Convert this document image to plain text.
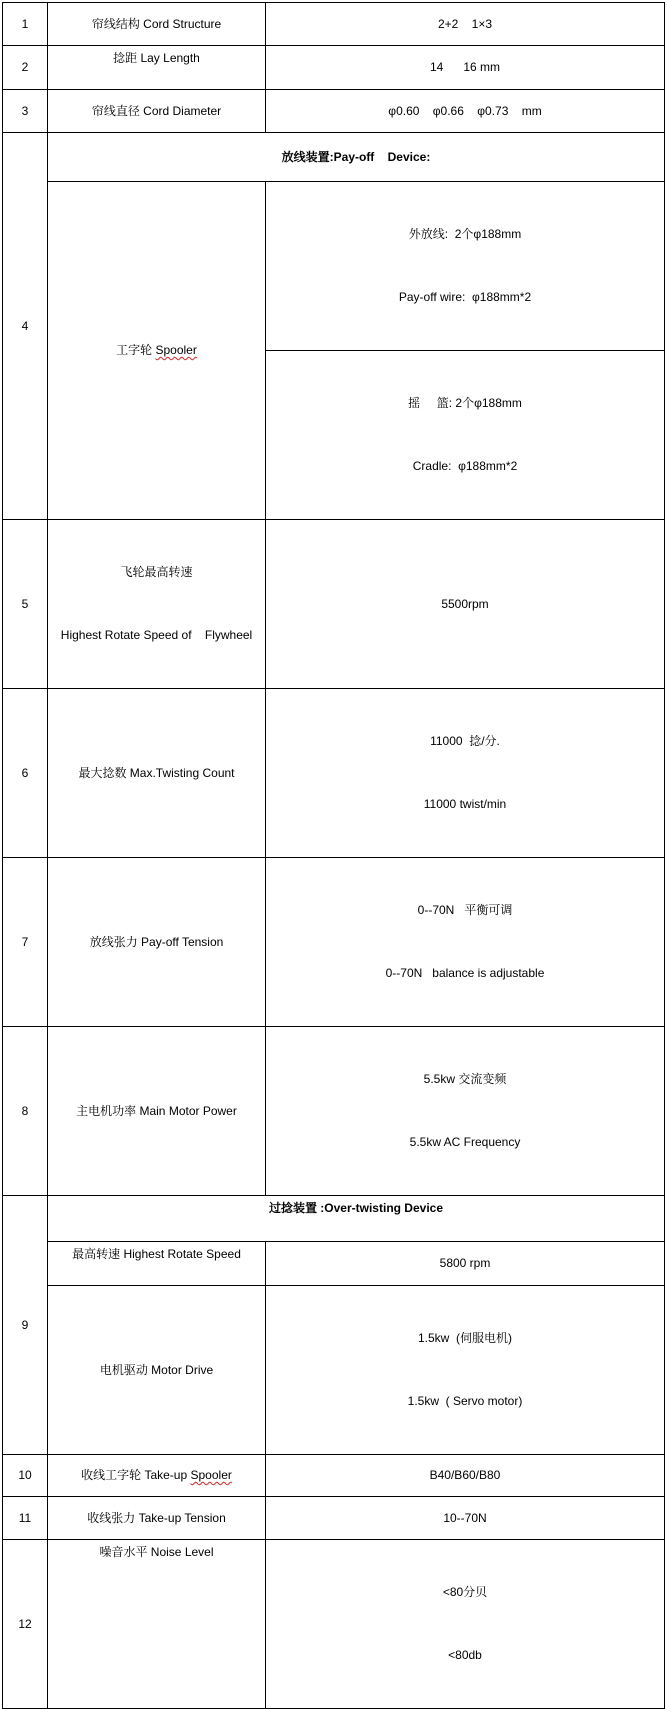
1	帘线结构 Cord Structure	2+2    1×3
2	捻距 Lay Length	14      16 mm
3	帘线直径 Cord Diameter	φ0.60    φ0.66    φ0.73    mm
4	放线装置:Pay-off    Device:	
	工字轮 Spooler	外放线:  2个φ188mm

Pay-off wire:  φ188mm*2

		摇     篮: 2个φ188mm

Cradle:  φ188mm*2

5	飞轮最高转速

Highest Rotate Speed of    Flywheel	5500rpm
6	最大捻数 Max.Twisting Count	11000  捻/分.

11000 twist/min

7	放线张力 Pay-off Tension	0--70N   平衡可调

0--70N   balance is adjustable

8	主电机功率 Main Motor Power	5.5kw 交流变频

5.5kw AC Frequency

9	过捻装置 :Over-twisting Device	
	最高转速 Highest Rotate Speed	5800 rpm
	电机驱动 Motor Drive	1.5kw  (伺服电机)

1.5kw  ( Servo motor)

10	收线工字轮 Take-up Spooler	B40/B60/B80
11	收线张力 Take-up Tension	10--70N
12	噪音水平 Noise Level	<80分贝

<80db
